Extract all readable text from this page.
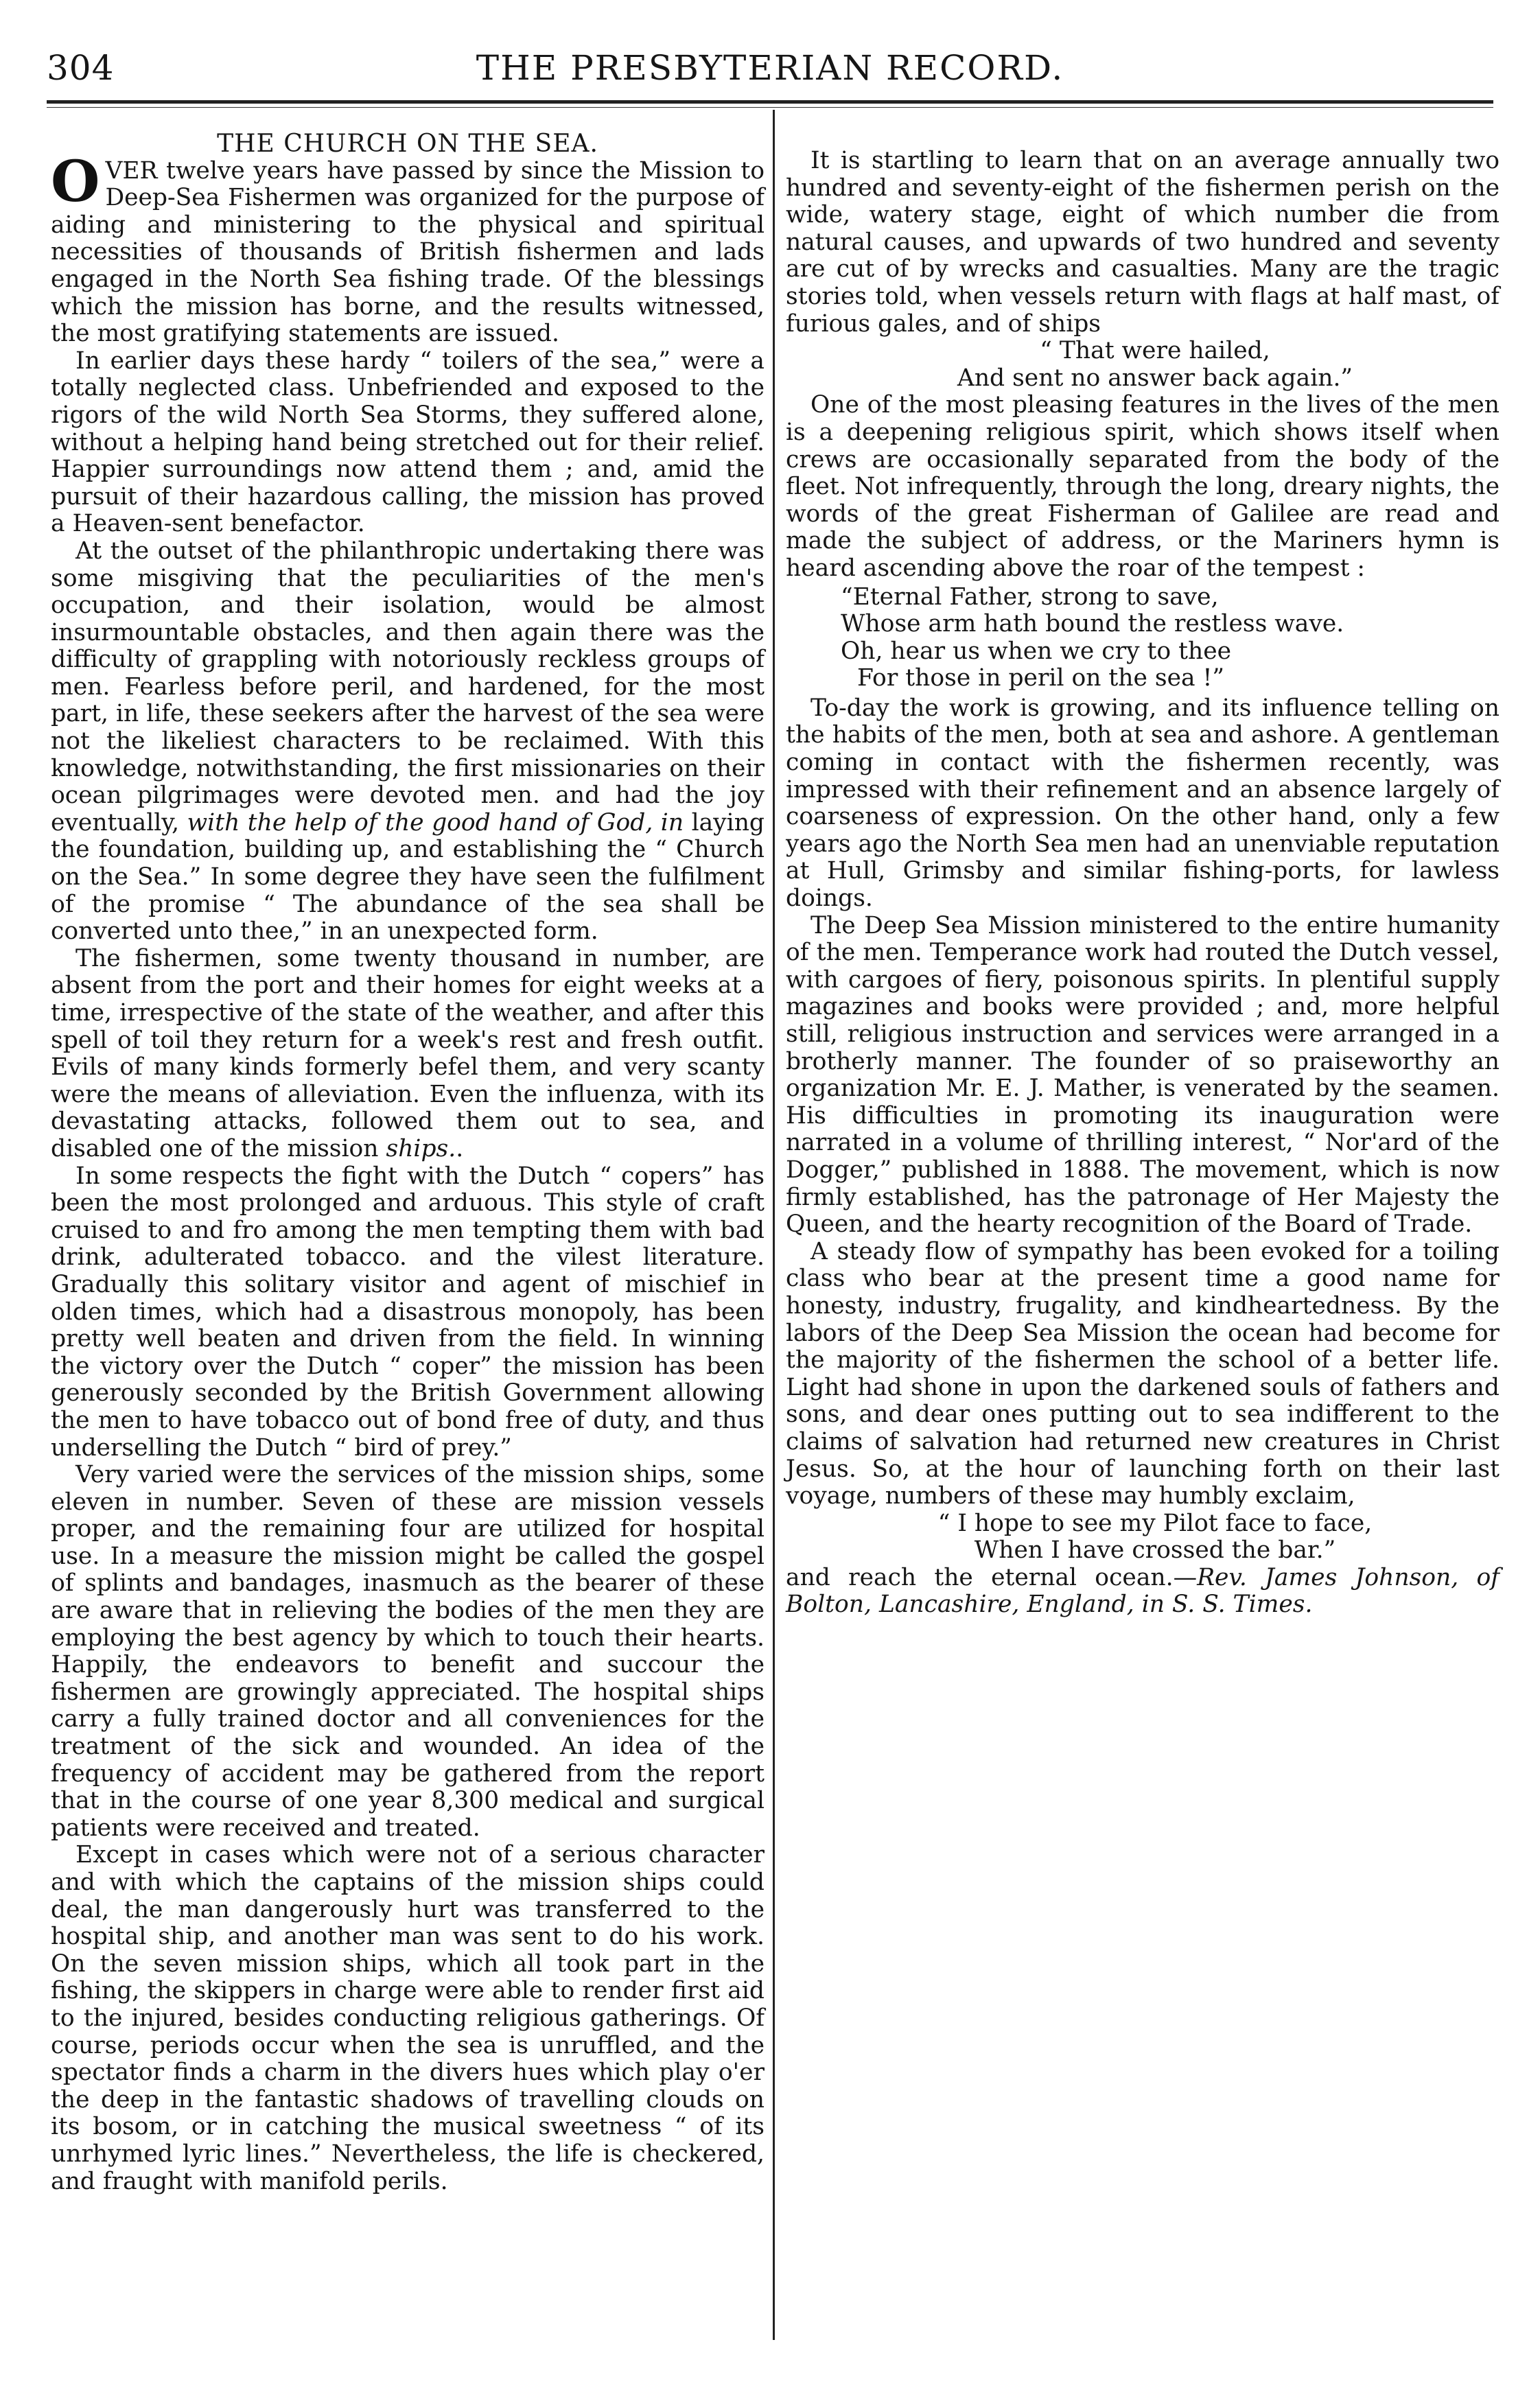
304	THE PRESBYTERIAN RECORD.

THE CHURCH ON THE SEA.

OVER twelve years have passed by since the Mission to Deep-Sea Fishermen was organized for the purpose of aiding and ministering to the physical and spiritual necessities of thousands of British fishermen and lads engaged in the North Sea fishing trade. Of the blessings which the mission has borne, and the results witnessed, the most gratifying statements are issued.

In earlier days these hardy “ toilers of the sea,” were a totally neglected class. Unbefriended and exposed to the rigors of the wild North Sea Storms, they suffered alone, without a helping hand being stretched out for their relief. Happier surroundings now attend them ; and, amid the pursuit of their hazardous calling, the mission has proved a Heaven-sent benefactor.

At the outset of the philanthropic undertaking there was some misgiving that the peculiarities of the men's occupation, and their isolation, would be almost insurmountable obstacles, and then again there was the difficulty of grappling with notoriously reckless groups of men. Fearless before peril, and hardened, for the most part, in life, these seekers after the harvest of the sea were not the likeliest characters to be reclaimed. With this knowledge, notwithstanding, the first missionaries on their ocean pilgrimages were devoted men. and had the joy eventually, with the help of the good hand of God, in laying the foundation, building up, and establishing the “ Church on the Sea.” In some degree they have seen the fulfilment of the promise “ The abundance of the sea shall be converted unto thee,” in an unexpected form.

The fishermen, some twenty thousand in number, are absent from the port and their homes for eight weeks at a time, irrespective of the state of the weather, and after this spell of toil they return for a week's rest and fresh outfit. Evils of many kinds formerly befel them, and very scanty were the means of alleviation. Even the influenza, with its devastating attacks, followed them out to sea, and disabled one of the mission ships..

In some respects the fight with the Dutch “ copers” has been the most prolonged and arduous. This style of craft cruised to and fro among the men tempting them with bad drink, adulterated tobacco. and the vilest literature. Gradually this solitary visitor and agent of mischief in olden times, which had a disastrous monopoly, has been pretty well beaten and driven from the field. In winning the victory over the Dutch “ coper” the mission has been generously seconded by the British Government allowing the men to have tobacco out of bond free of duty, and thus underselling the Dutch “ bird of prey.”

Very varied were the services of the mission ships, some eleven in number. Seven of these are mission vessels proper, and the remaining four are utilized for hospital use. In a measure the mission might be called the gospel of splints and bandages, inasmuch as the bearer of these are aware that in relieving the bodies of the men they are employing the best agency by which to touch their hearts. Happily, the endeavors to benefit and succour the fishermen are growingly appreciated. The hospital ships carry a fully trained doctor and all conveniences for the treatment of the sick and wounded. An idea of the frequency of accident may be gathered from the report that in the course of one year 8,300 medical and surgical patients were received and treated.

Except in cases which were not of a serious character and with which the captains of the mission ships could deal, the man dangerously hurt was transferred to the hospital ship, and another man was sent to do his work. On the seven mission ships, which all took part in the fishing, the skippers in charge were able to render first aid to the injured, besides conducting religious gatherings. Of course, periods occur when the sea is unruffled, and the spectator finds a charm in the divers hues which play o'er the deep in the fantastic shadows of travelling clouds on its bosom, or in catching the musical sweetness “ of its unrhymed lyric lines.” Nevertheless, the life is checkered, and fraught with manifold perils.

It is startling to learn that on an average annually two hundred and seventy-eight of the fishermen perish on the wide, watery stage, eight of which number die from natural causes, and upwards of two hundred and seventy are cut of by wrecks and casualties. Many are the tragic stories told, when vessels return with flags at half mast, of furious gales, and of ships

“ That were hailed,

And sent no answer back again.”

One of the most pleasing features in the lives of the men is a deepening religious spirit, which shows itself when crews are occasionally separated from the body of the fleet. Not infrequently, through the long, dreary nights, the words of the great Fisherman of Galilee are read and made the subject of address, or the Mariners hymn is heard ascending above the roar of the tempest :

“Eternal Father, strong to save,
Whose arm hath bound the restless wave.
Oh, hear us when we cry to thee
For those in peril on the sea !”

To-day the work is growing, and its influence telling on the habits of the men, both at sea and ashore. A gentleman coming in contact with the fishermen recently, was impressed with their refinement and an absence largely of coarseness of expression. On the other hand, only a few years ago the North Sea men had an unenviable reputation at Hull, Grimsby and similar fishing-ports, for lawless doings.

The Deep Sea Mission ministered to the entire humanity of the men. Temperance work had routed the Dutch vessel, with cargoes of fiery, poisonous spirits. In plentiful supply magazines and books were provided ; and, more helpful still, religious instruction and services were arranged in a brotherly manner. The founder of so praiseworthy an organization Mr. E. J. Mather, is venerated by the seamen. His difficulties in promoting its inauguration were narrated in a volume of thrilling interest, “ Nor'ard of the Dogger,” published in 1888. The movement, which is now firmly established, has the patronage of Her Majesty the Queen, and the hearty recognition of the Board of Trade.

A steady flow of sympathy has been evoked for a toiling class who bear at the present time a good name for honesty, industry, frugality, and kindheartedness. By the labors of the Deep Sea Mission the ocean had become for the majority of the fishermen the school of a better life. Light had shone in upon the darkened souls of fathers and sons, and dear ones putting out to sea indifferent to the claims of salvation had returned new creatures in Christ Jesus. So, at the hour of launching forth on their last voyage, numbers of these may humbly exclaim,

“ I hope to see my Pilot face to face,

When I have crossed the bar.”

and reach the eternal ocean.—Rev. James Johnson, of Bolton, Lancashire, England, in S. S. Times.
